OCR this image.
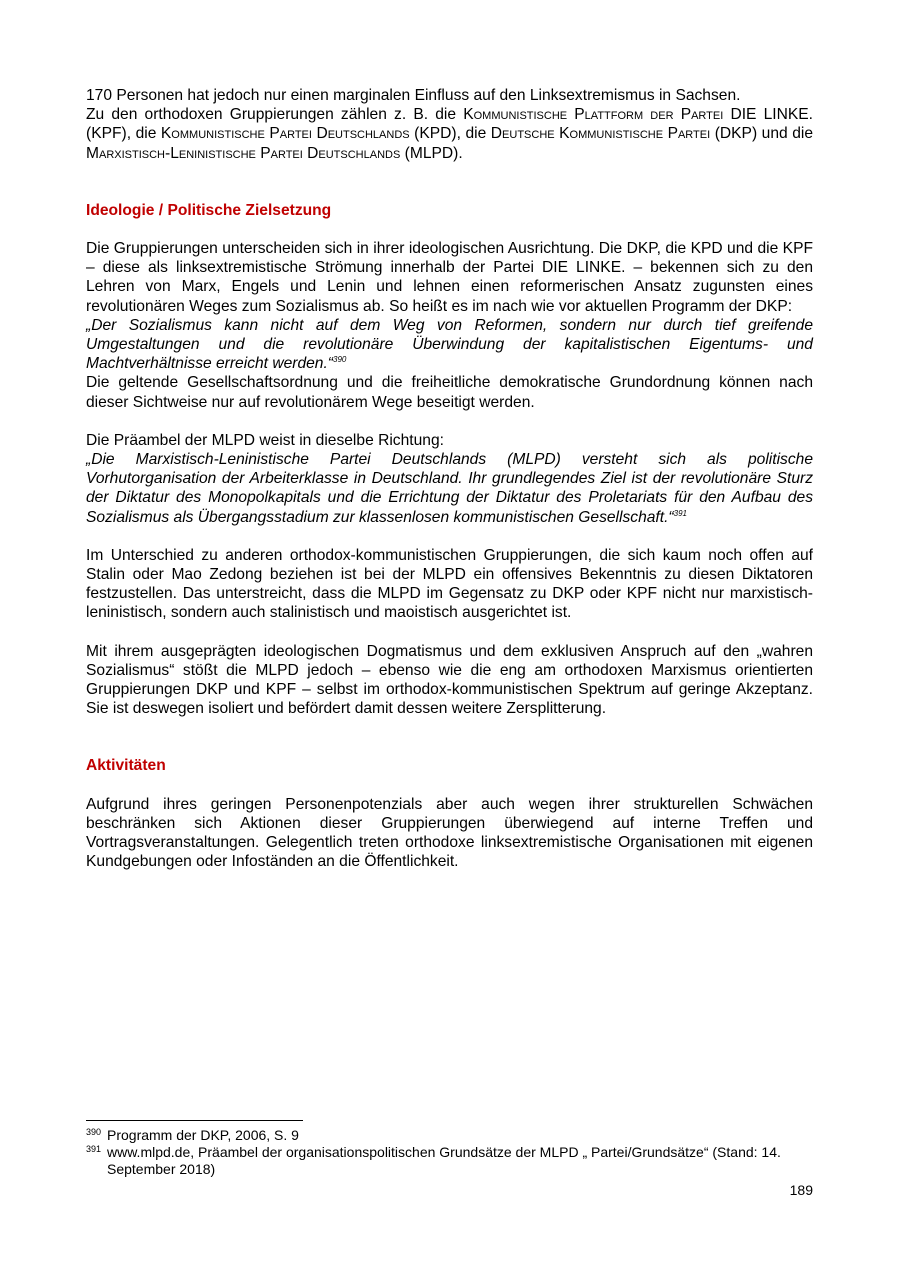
170 Personen hat jedoch nur einen marginalen Einfluss auf den Linksextremismus in Sachsen.

Zu den orthodoxen Gruppierungen zählen z. B. die Kommunistische Plattform der Partei DIE LINKE. (KPF), die Kommunistische Partei Deutschlands (KPD), die Deutsche Kommunistische Partei (DKP) und die Marxistisch-Leninistische Partei Deutschlands (MLPD).

Ideologie / Politische Zielsetzung

Die Gruppierungen unterscheiden sich in ihrer ideologischen Ausrichtung. Die DKP, die KPD und die KPF – diese als linksextremistische Strömung innerhalb der Partei DIE LINKE. – bekennen sich zu den Lehren von Marx, Engels und Lenin und lehnen einen reformerischen Ansatz zugunsten eines revolutionären Weges zum Sozialismus ab. So heißt es im nach wie vor aktuellen Programm der DKP:

„Der Sozialismus kann nicht auf dem Weg von Reformen, sondern nur durch tief greifende Umgestaltungen und die revolutionäre Überwindung der kapitalistischen Eigentums- und Machtverhältnisse erreicht werden.“$^{390}$

Die geltende Gesellschaftsordnung und die freiheitliche demokratische Grundordnung können nach dieser Sichtweise nur auf revolutionärem Wege beseitigt werden.

Die Präambel der MLPD weist in dieselbe Richtung:

„Die Marxistisch-Leninistische Partei Deutschlands (MLPD) versteht sich als politische Vorhutorganisation der Arbeiterklasse in Deutschland. Ihr grundlegendes Ziel ist der revolutionäre Sturz der Diktatur des Monopolkapitals und die Errichtung der Diktatur des Proletariats für den Aufbau des Sozialismus als Übergangsstadium zur klassenlosen kommunistischen Gesellschaft.“$^{391}$

Im Unterschied zu anderen orthodox-kommunistischen Gruppierungen, die sich kaum noch offen auf Stalin oder Mao Zedong beziehen ist bei der MLPD ein offensives Bekenntnis zu diesen Diktatoren festzustellen. Das unterstreicht, dass die MLPD im Gegensatz zu DKP oder KPF nicht nur marxistisch-leninistisch, sondern auch stalinistisch und maoistisch ausgerichtet ist.

Mit ihrem ausgeprägten ideologischen Dogmatismus und dem exklusiven Anspruch auf den „wahren Sozialismus“ stößt die MLPD jedoch – ebenso wie die eng am orthodoxen Marxismus orientierten Gruppierungen DKP und KPF – selbst im orthodox-kommunistischen Spektrum auf geringe Akzeptanz. Sie ist deswegen isoliert und befördert damit dessen weitere Zersplitterung.

Aktivitäten

Aufgrund ihres geringen Personenpotenzials aber auch wegen ihrer strukturellen Schwächen beschränken sich Aktionen dieser Gruppierungen überwiegend auf interne Treffen und Vortragsveranstaltungen. Gelegentlich treten orthodoxe linksextremistische Organisationen mit eigenen Kundgebungen oder Infoständen an die Öffentlichkeit.

390 Programm der DKP, 2006, S. 9
391 www.mlpd.de, Präambel der organisationspolitischen Grundsätze der MLPD „ Partei/Grundsätze“ (Stand: 14. September 2018)
189
